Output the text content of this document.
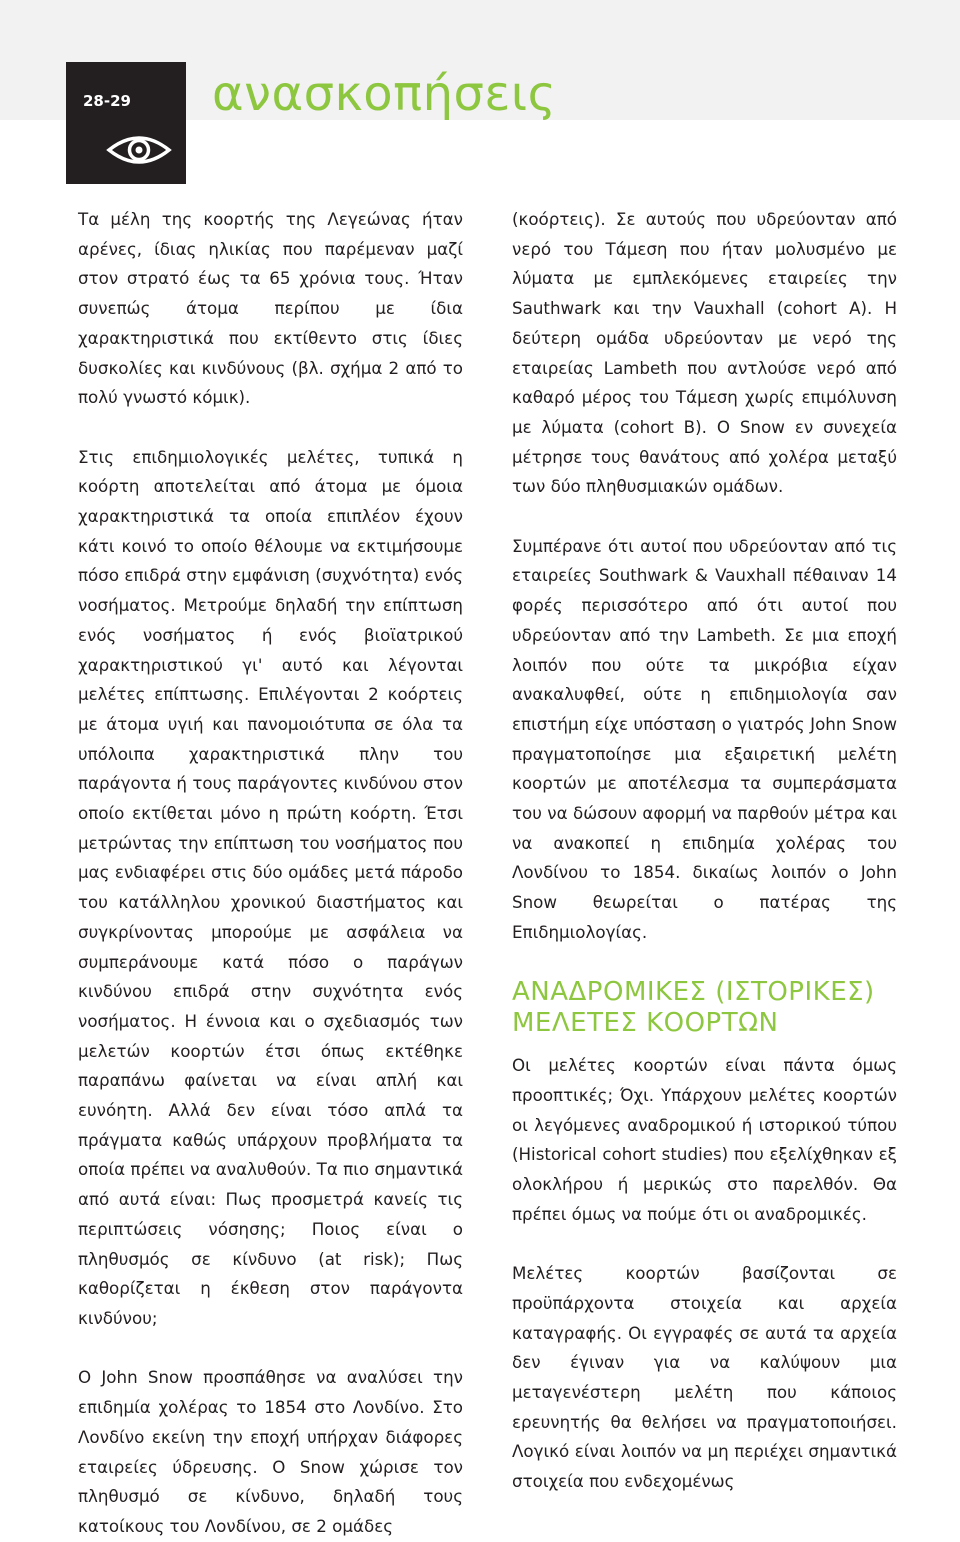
28-29	ανασκοπήσεις

Τα μέλη της κοορτής της Λεγεώνας ήταν αρένες, ίδιας ηλικίας που παρέμεναν μαζί στον στρατό έως τα 65 χρόνια τους. Ήταν συνεπώς άτομα περίπου με ίδια χαρακτηριστικά που εκτίθεντο στις ίδιες δυσκολίες και κινδύνους (βλ. σχήμα 2 από το πολύ γνωστό κόμικ).

Στις επιδημιολογικές μελέτες, τυπικά η κοόρτη αποτελείται από άτομα με όμοια χαρακτηριστικά τα οποία επιπλέον έχουν κάτι κοινό το οποίο θέλουμε να εκτιμήσουμε πόσο επιδρά στην εμφάνιση (συχνότητα) ενός νοσήματος. Μετρούμε δηλαδή την επίπτωση ενός νοσήματος ή ενός βιοϊατρικού χαρακτηριστικού γι' αυτό και λέγονται μελέτες επίπτωσης. Επιλέγονται 2 κοόρτεις με άτομα υγιή και πανομοιότυπα σε όλα τα υπόλοιπα χαρακτηριστικά πλην του παράγοντα ή τους παράγοντες κινδύνου στον οποίο εκτίθεται μόνο η πρώτη κοόρτη. Έτσι μετρώντας την επίπτωση του νοσήματος που μας ενδιαφέρει στις δύο ομάδες μετά πάροδο του κατάλληλου χρονικού διαστήματος και συγκρίνοντας μπορούμε με ασφάλεια να συμπεράνουμε κατά πόσο ο παράγων κινδύνου επιδρά στην συχνότητα ενός νοσήματος. Η έννοια και ο σχεδιασμός των μελετών κοορτών έτσι όπως εκτέθηκε παραπάνω φαίνεται να είναι απλή και ευνόητη. Αλλά δεν είναι τόσο απλά τα πράγματα καθώς υπάρχουν προβλήματα τα οποία πρέπει να αναλυθούν. Τα πιο σημαντικά από αυτά είναι: Πως προσμετρά κανείς τις περιπτώσεις νόσησης; Ποιος είναι ο πληθυσμός σε κίνδυνο (at risk); Πως καθορίζεται η έκθεση στον παράγοντα κινδύνου;

Ο John Snow προσπάθησε να αναλύσει την επιδημία χολέρας το 1854 στο Λονδίνο. Στο Λονδίνο εκείνη την εποχή υπήρχαν διάφορες εταιρείες ύδρευσης. Ο Snow χώρισε τον πληθυσμό σε κίνδυνο, δηλαδή τους κατοίκους του Λονδίνου, σε 2 ομάδες

(κοόρτεις). Σε αυτούς που υδρεύονταν από νερό του Τάμεση που ήταν μολυσμένο με λύματα με εμπλεκόμενες εταιρείες την Sauthwark και την Vauxhall (cohort A). Η δεύτερη ομάδα υδρεύονταν με νερό της εταιρείας Lambeth που αντλούσε νερό από καθαρό μέρος του Τάμεση χωρίς επιμόλυνση με λύματα (cohort B). Ο Snow εν συνεχεία μέτρησε τους θανάτους από χολέρα μεταξύ των δύο πληθυσμιακών ομάδων.

Συμπέρανε ότι αυτοί που υδρεύονταν από τις εταιρείες Southwark & Vauxhall πέθαιναν 14 φορές περισσότερο από ότι αυτοί που υδρεύονταν από την Lambeth. Σε μια εποχή λοιπόν που ούτε τα μικρόβια είχαν ανακαλυφθεί, ούτε η επιδημιολογία σαν επιστήμη είχε υπόσταση ο γιατρός John Snow πραγματοποίησε μια εξαιρετική μελέτη κοορτών με αποτέλεσμα τα συμπεράσματα του να δώσουν αφορμή να παρθούν μέτρα και να ανακοπεί η επιδημία χολέρας του Λονδίνου το 1854. δικαίως λοιπόν ο John Snow θεωρείται ο πατέρας της Επιδημιολογίας.

ΑΝΑΔΡΟΜΙΚΕΣ (ΙΣΤΟΡΙΚΕΣ)
ΜΕΛΕΤΕΣ ΚΟΟΡΤΩΝ

Οι μελέτες κοορτών είναι πάντα όμως προοπτικές; Όχι. Υπάρχουν μελέτες κοορτών οι λεγόμενες αναδρομικού ή ιστορικού τύπου (Historical cohort studies) που εξελίχθηκαν εξ ολοκλήρου ή μερικώς στο παρελθόν. Θα πρέπει όμως να πούμε ότι οι αναδρομικές.

Μελέτες κοορτών βασίζονται σε προϋπάρχοντα στοιχεία και αρχεία καταγραφής. Οι εγγραφές σε αυτά τα αρχεία δεν έγιναν για να καλύψουν μια μεταγενέστερη μελέτη που κάποιος ερευνητής θα θελήσει να πραγματοποιήσει. Λογικό είναι λοιπόν να μη περιέχει σημαντικά στοιχεία που ενδεχομένως
